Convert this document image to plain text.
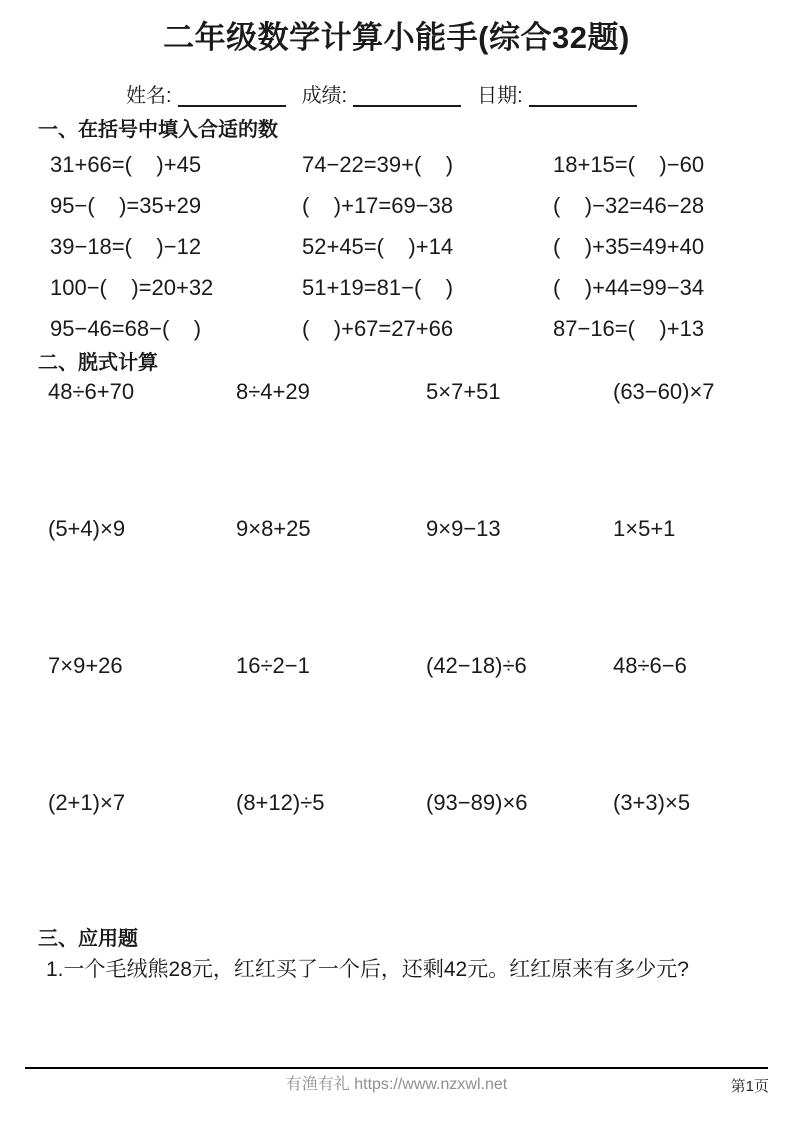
二年级数学计算小能手(综合32题)
姓名:	成绩:	日期:
一、在括号中填入合适的数
31+66=(    )+45	74−22=39+(    )	18+15=(    )−60
95−(    )=35+29	(    )+17=69−38	(    )−32=46−28
39−18=(    )−12	52+45=(    )+14	(    )+35=49+40
100−(    )=20+32	51+19=81−(    )	(    )+44=99−34
95−46=68−(    )	(    )+67=27+66	87−16=(    )+13
二、脱式计算
48÷6+70	8÷4+29	5×7+51	(63−60)×7
(5+4)×9	9×8+25	9×9−13	1×5+1
7×9+26	16÷2−1	(42−18)÷6	48÷6−6
(2+1)×7	(8+12)÷5	(93−89)×6	(3+3)×5
三、应用题
1.一个毛绒熊28元，红红买了一个后，还剩42元。红红原来有多少元?
有渔有礼 https://www.nzxwl.net	第1页
